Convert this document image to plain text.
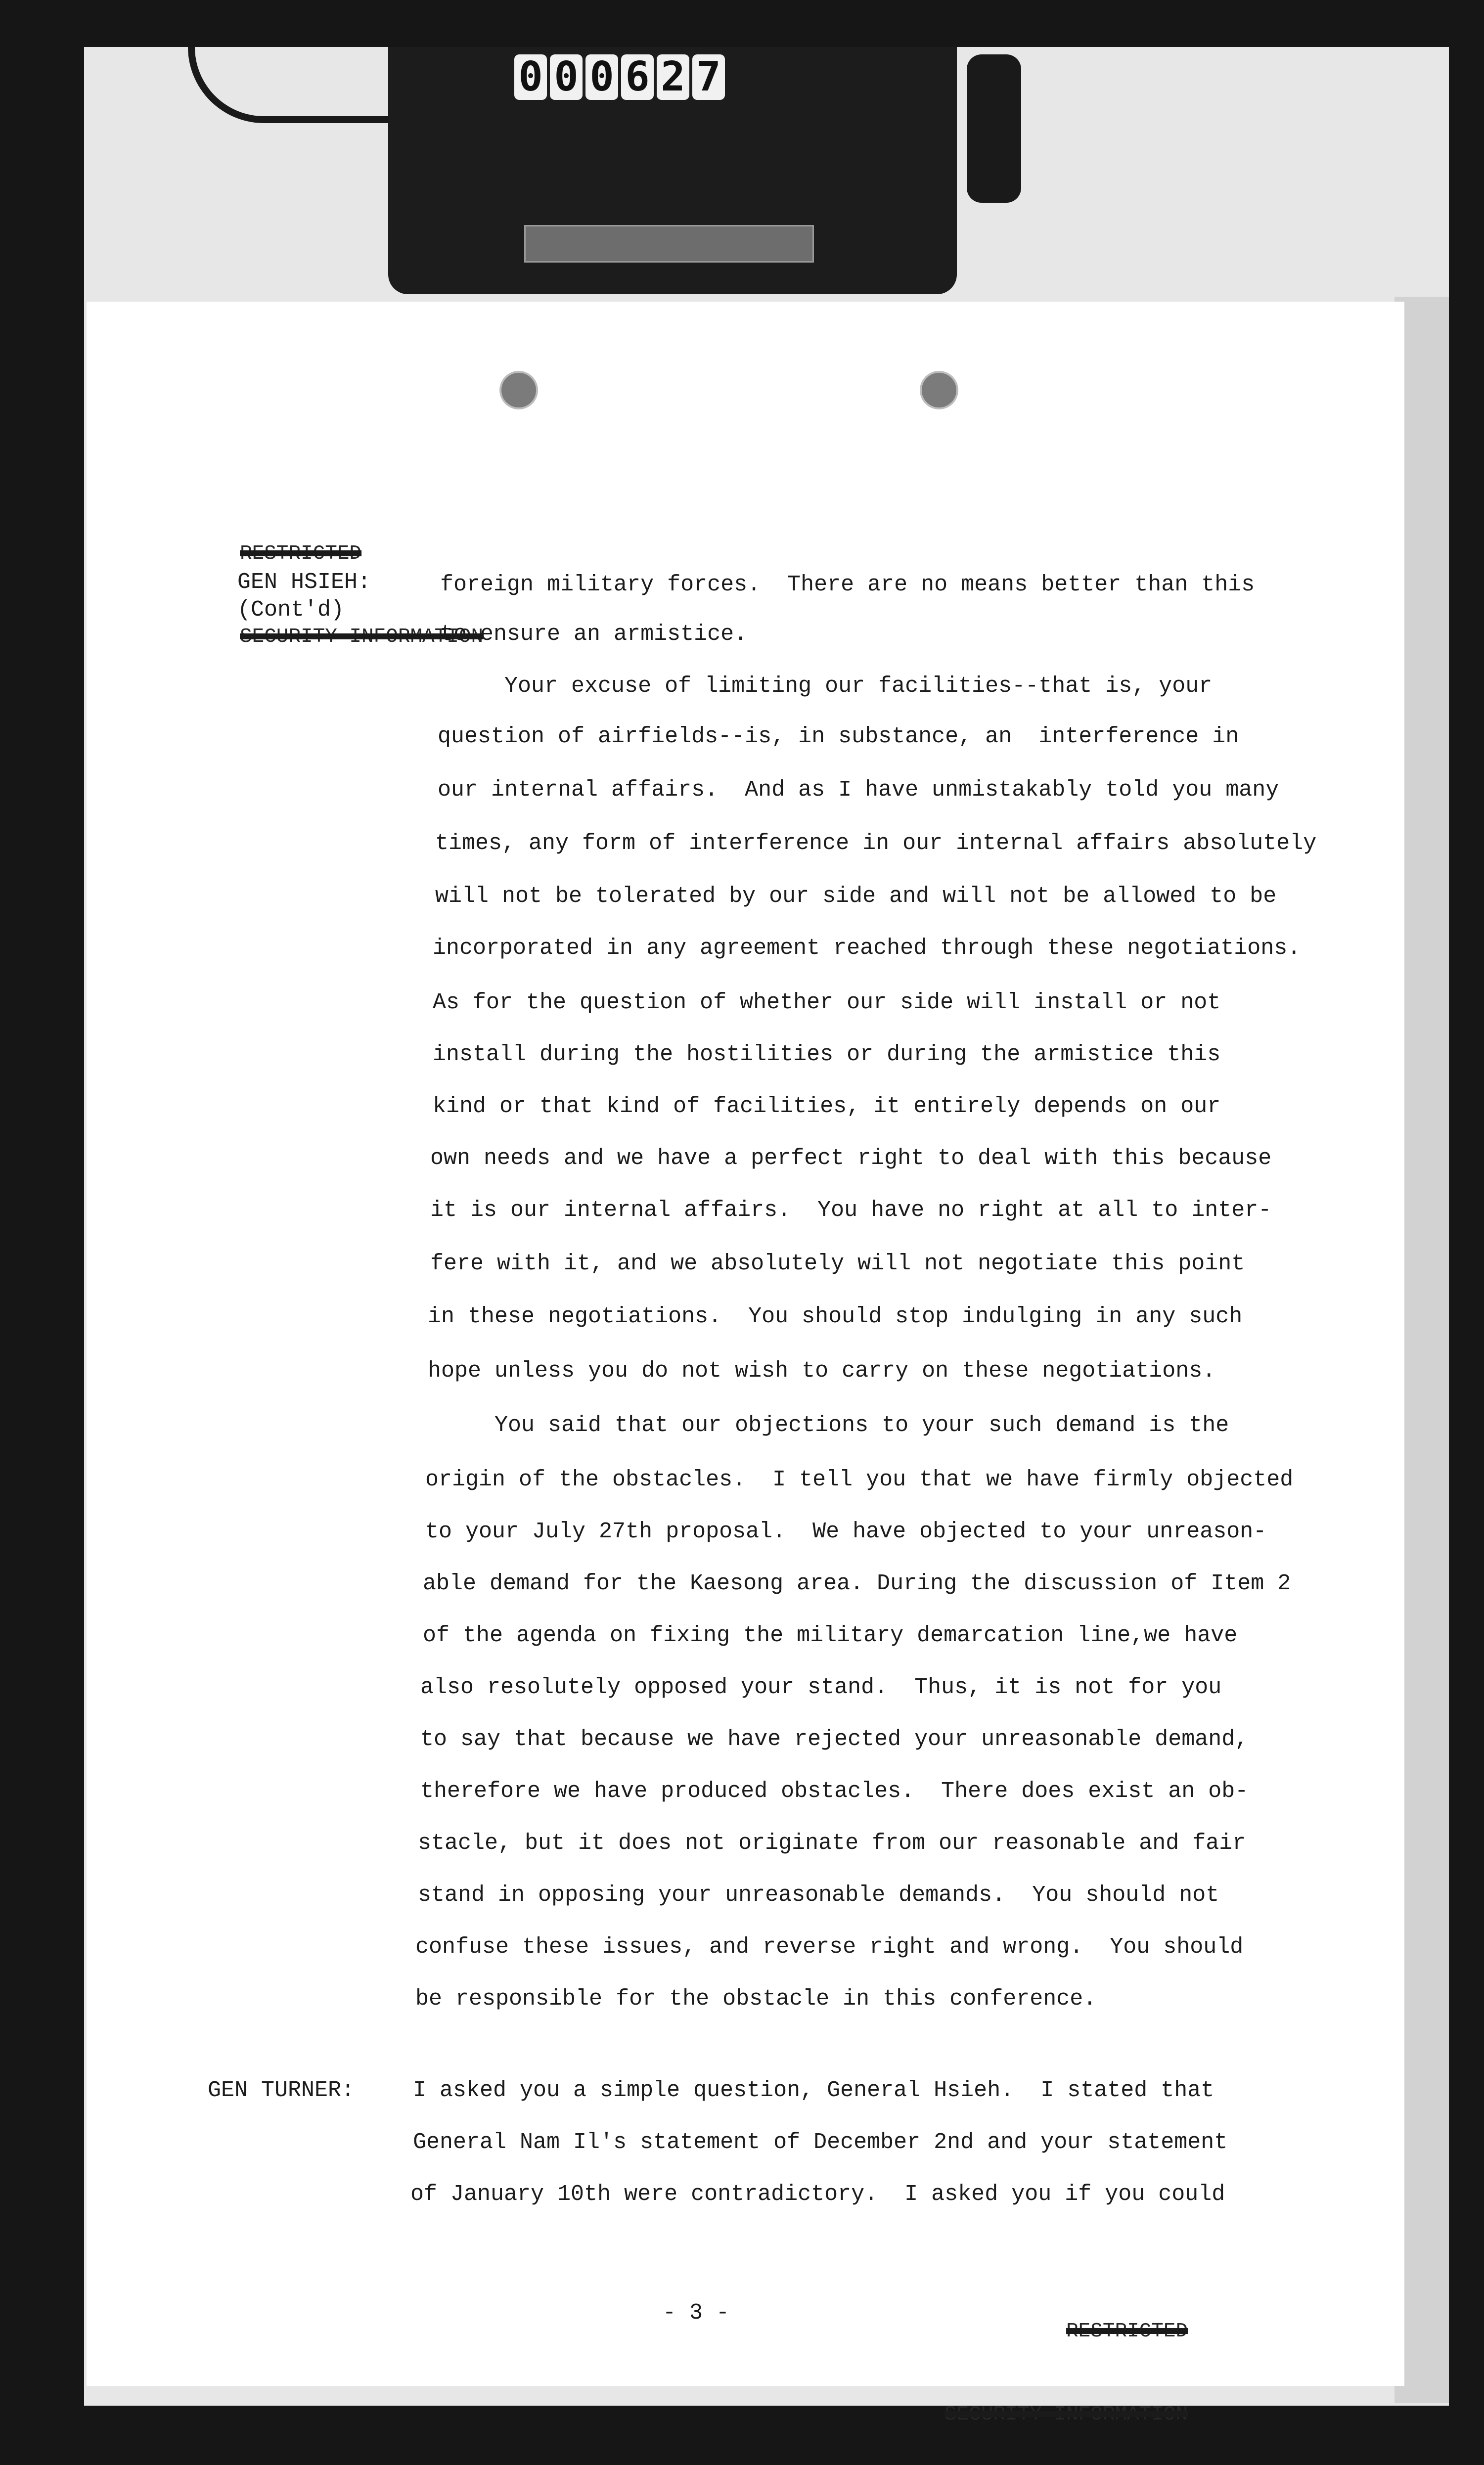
0 0 0 6 2 7

RESTRICTED

SECURITY INFORMATION

GEN HSIEH:
(Cont'd)
GEN TURNER:
foreign military forces.  There are no means better than this
to ensure an armistice.
Your excuse of limiting our facilities--that is, your
question of airfields--is, in substance, an  interference in
our internal affairs.  And as I have unmistakably told you many
times, any form of interference in our internal affairs absolutely
will not be tolerated by our side and will not be allowed to be
incorporated in any agreement reached through these negotiations.
As for the question of whether our side will install or not
install during the hostilities or during the armistice this
kind or that kind of facilities, it entirely depends on our
own needs and we have a perfect right to deal with this because
it is our internal affairs.  You have no right at all to inter-
fere with it, and we absolutely will not negotiate this point
in these negotiations.  You should stop indulging in any such
hope unless you do not wish to carry on these negotiations.
You said that our objections to your such demand is the
origin of the obstacles.  I tell you that we have firmly objected
to your July 27th proposal.  We have objected to your unreason-
able demand for the Kaesong area. During the discussion of Item 2
of the agenda on fixing the military demarcation line,we have
also resolutely opposed your stand.  Thus, it is not for you
to say that because we have rejected your unreasonable demand,
therefore we have produced obstacles.  There does exist an ob-
stacle, but it does not originate from our reasonable and fair
stand in opposing your unreasonable demands.  You should not
confuse these issues, and reverse right and wrong.  You should
be responsible for the obstacle in this conference.
I asked you a simple question, General Hsieh.  I stated that
General Nam Il's statement of December 2nd and your statement
of January 10th were contradictory.  I asked you if you could

RESTRICTED

SECURITY INFORMATION

- 3 -
